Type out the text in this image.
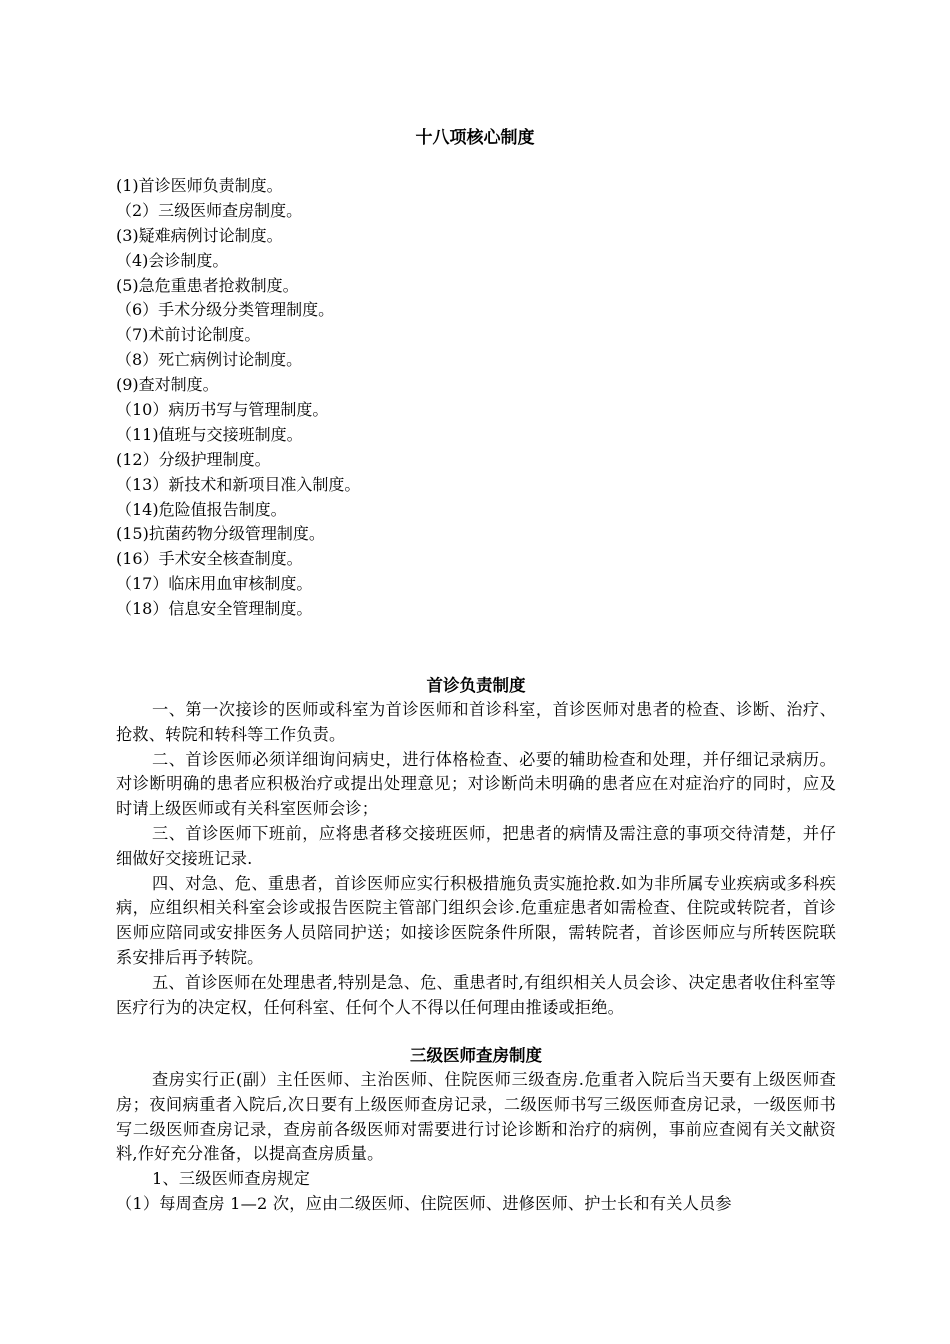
十八项核心制度
(1)首诊医师负责制度。
（2）三级医师查房制度。
(3)疑难病例讨论制度。
（4)会诊制度。
(5)急危重患者抢救制度。
（6）手术分级分类管理制度。
（7)术前讨论制度。
（8）死亡病例讨论制度。
(9)查对制度。
（10）病历书写与管理制度。
（11)值班与交接班制度。
(12）分级护理制度。
（13）新技术和新项目准入制度。
（14)危险值报告制度。
(15)抗菌药物分级管理制度。
(16）手术安全核查制度。
（17）临床用血审核制度。
（18）信息安全管理制度。
首诊负责制度

一、第一次接诊的医师或科室为首诊医师和首诊科室，首诊医师对患者的检查、诊断、治疗、抢救、转院和转科等工作负责。

二、首诊医师必须详细询问病史，进行体格检查、必要的辅助检查和处理，并仔细记录病历。对诊断明确的患者应积极治疗或提出处理意见；对诊断尚未明确的患者应在对症治疗的同时，应及时请上级医师或有关科室医师会诊；

三、首诊医师下班前，应将患者移交接班医师，把患者的病情及需注意的事项交待清楚，并仔细做好交接班记录.

四、对急、危、重患者，首诊医师应实行积极措施负责实施抢救.如为非所属专业疾病或多科疾病，应组织相关科室会诊或报告医院主管部门组织会诊.危重症患者如需检查、住院或转院者，首诊医师应陪同或安排医务人员陪同护送；如接诊医院条件所限，需转院者，首诊医师应与所转医院联系安排后再予转院。

五、首诊医师在处理患者,特别是急、危、重患者时,有组织相关人员会诊、决定患者收住科室等医疗行为的决定权，任何科室、任何个人不得以任何理由推诿或拒绝。

三级医师查房制度

查房实行正(副）主任医师、主治医师、住院医师三级查房.危重者入院后当天要有上级医师查房；夜间病重者入院后,次日要有上级医师查房记录，二级医师书写三级医师查房记录，一级医师书写二级医师查房记录，查房前各级医师对需要进行讨论诊断和治疗的病例，事前应查阅有关文献资料,作好充分准备，以提高查房质量。

1、三级医师查房规定

（1）每周查房 1—2 次，应由二级医师、住院医师、进修医师、护士长和有关人员参
